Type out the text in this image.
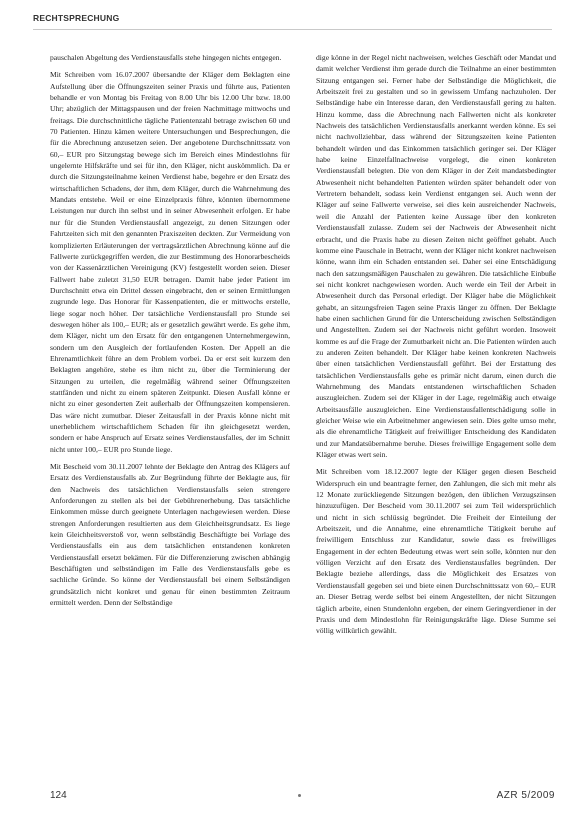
RECHTSPRECHUNG

pauschalen Abgeltung des Verdienstausfalls stehe hingegen nichts entgegen.

Mit Schreiben vom 16.07.2007 übersandte der Kläger dem Beklagten eine Aufstellung über die Öffnungszeiten seiner Praxis und führte aus, Patienten behandle er von Montag bis Freitag von 8.00 Uhr bis 12.00 Uhr bzw. 18.00 Uhr; abzüglich der Mittagspausen und der freien Nachmittage mittwochs und freitags. Die durchschnittliche tägliche Patientenzahl betrage zwischen 60 und 70 Patienten. Hinzu kämen weitere Untersuchungen und Besprechungen, die für die Abrechnung anzusetzen seien. Der angebotene Durchschnittssatz von 60,– EUR pro Sitzungstag bewege sich im Bereich eines Mindestlohns für ungelernte Hilfskräfte und sei für ihn, den Kläger, nicht auskömmlich. Da er durch die Sitzungsteilnahme keinen Verdienst habe, begehre er den Ersatz des wirtschaftlichen Schadens, der ihm, dem Kläger, durch die Wahrnehmung des Mandats entstehe. Weil er eine Einzelpraxis führe, könnten übernommene Leistungen nur durch ihn selbst und in seiner Abwesenheit erfolgen. Er habe nur für die Stunden Verdienstausfall angezeigt, zu denen Sitzungen oder Fahrtzeiten sich mit den genannten Praxiszeiten deckten. Zur Vermeidung von komplizierten Erläuterungen der vertragsärztlichen Abrechnung könne auf die Fallwerte zurückgegriffen werden, die zur Bestimmung des Honorarbescheids von der Kassenärztlichen Vereinigung (KV) festgestellt worden seien. Dieser Fallwert habe zuletzt 31,50 EUR betragen. Damit habe jeder Patient im Durchschnitt etwa ein Drittel dessen eingebracht, den er seinen Ermittlungen zugrunde lege. Das Honorar für Kassenpatienten, die er mittwochs erstelle, liege sogar noch höher. Der tatsächliche Verdienstausfall pro Stunde sei deswegen höher als 100,– EUR; als er gesetzlich gewährt werde. Es gehe ihm, dem Kläger, nicht um den Ersatz für den entgangenen Unternehmergewinn, sondern um den Ausgleich der fortlaufenden Kosten. Der Appell an die Ehrenamtlichkeit führe an dem Problem vorbei. Da er erst seit kurzem den Beklagten angehöre, stehe es ihm nicht zu, über die Terminierung der Sitzungen zu urteilen, die regelmäßig während seiner Öffnungszeiten stattfänden und nicht zu einem späteren Zeitpunkt. Diesen Ausfall könne er nicht zu einer gesonderten Zeit außerhalb der Öffnungszeiten kompensieren. Das wäre nicht zumutbar. Dieser Zeitausfall in der Praxis könne nicht mit unerheblichem wirtschaftlichem Schaden für ihn gleichgesetzt werden, sondern er habe Anspruch auf Ersatz seines Verdienstausfalles, der im Schnitt nicht unter 100,– EUR pro Stunde liege.

Mit Bescheid vom 30.11.2007 lehnte der Beklagte den Antrag des Klägers auf Ersatz des Verdienstausfalls ab. Zur Begründung führte der Beklagte aus, für den Nachweis des tatsächlichen Verdienstausfalls seien strengere Anforderungen zu stellen als bei der Gebührenerhebung. Das tatsächliche Einkommen müsse durch geeignete Unterlagen nachgewiesen werden. Diese strengen Anforderungen resultierten aus dem Gleichheitsgrundsatz. Es liege kein Gleichheitsverstoß vor, wenn selbständig Beschäftigte bei Vorlage des Verdienstausfalls ein aus dem tatsächlichen entstandenen konkreten Verdienstausfall ersetzt bekämen. Für die Differenzierung zwischen abhängig Beschäftigten und selbständigen im Falle des Verdienstausfalls gebe es sachliche Gründe. So könne der Verdienstausfall bei einem Selbständigen grundsätzlich nicht konkret und genau für einen bestimmten Zeitraum ermittelt werden. Denn der Selbständige

dige könne in der Regel nicht nachweisen, welches Geschäft oder Mandat und damit welcher Verdienst ihm gerade durch die Teilnahme an einer bestimmten Sitzung entgangen sei. Ferner habe der Selbständige die Möglichkeit, die Arbeitszeit frei zu gestalten und so in gewissem Umfang nachzuholen. Der Selbständige habe ein Interesse daran, den Verdienstausfall gering zu halten. Hinzu komme, dass die Abrechnung nach Fallwerten nicht als konkreter Nachweis des tatsächlichen Verdienstausfalls anerkannt werden könne. Es sei nicht nachvollziehbar, dass während der Sitzungszeiten keine Patienten behandelt würden und das Einkommen tatsächlich geringer sei. Der Kläger habe keine Einzelfallnachweise vorgelegt, die einen konkreten Verdienstausfall belegten. Die von dem Kläger in der Zeit mandatsbedingter Abwesenheit nicht behandelten Patienten würden später behandelt oder von Vertretern behandelt, sodass kein Verdienst entgangen sei. Auch wenn der Kläger auf seine Fallwerte verweise, sei dies kein ausreichender Nachweis, weil die Anzahl der Patienten keine Aussage über den konkreten Verdienstausfall zulasse. Zudem sei der Nachweis der Abwesenheit nicht erbracht, und die Praxis habe zu diesen Zeiten nicht geöffnet gehabt. Auch komme eine Pauschale in Betracht, wenn der Kläger nicht konkret nachweisen könne, wann ihm ein Schaden entstanden sei. Daher sei eine Entschädigung nach den satzungsmäßigen Pauschalen zu gewähren. Die tatsächliche Einbuße sei nicht konkret nachgewiesen worden. Auch werde ein Teil der Arbeit in Abwesenheit durch das Personal erledigt. Der Kläger habe die Möglichkeit gehabt, an sitzungsfreien Tagen seine Praxis länger zu öffnen. Der Beklagte habe einen sachlichen Grund für die Unterscheidung zwischen Selbständigen und Angestellten. Zudem sei der Nachweis nicht geführt worden. Insoweit komme es auf die Frage der Zumutbarkeit nicht an. Die Patienten würden auch zu anderen Zeiten behandelt. Der Kläger habe keinen konkreten Nachweis über einen tatsächlichen Verdienstausfall geführt. Bei der Erstattung des tatsächlichen Verdienstausfalls gehe es primär nicht darum, einen durch die Wahrnehmung des Mandats entstandenen wirtschaftlichen Schaden auszugleichen. Zudem sei der Kläger in der Lage, regelmäßig auch etwaige Arbeitsausfälle auszugleichen. Eine Verdienstausfallentschädigung solle in gleicher Weise wie ein Arbeitnehmer angewiesen sein. Dies gelte umso mehr, als die ehrenamtliche Tätigkeit auf freiwilliger Entscheidung des Kandidaten und zur Mandatsübernahme beruhe. Dieses freiwillige Engagement solle dem Kläger etwas wert sein.

Mit Schreiben vom 18.12.2007 legte der Kläger gegen diesen Bescheid Widerspruch ein und beantragte ferner, den Zahlungen, die sich mit mehr als 12 Monate zurückliegende Sitzungen bezögen, den üblichen Verzugszinsen hinzuzufügen. Der Bescheid vom 30.11.2007 sei zum Teil widersprüchlich und nicht in sich schlüssig begründet. Die Freiheit der Einteilung der Arbeitszeit, und die Annahme, eine ehrenamtliche Tätigkeit beruhe auf freiwilligem Entschluss zur Kandidatur, sowie dass es freiwilliges Engagement in der echten Bedeutung etwas wert sein solle, könnten nur den völligen Verzicht auf den Ersatz des Verdienstausfalles begründen. Der Beklagte beziehe allerdings, dass die Möglichkeit des Ersatzes von Verdienstausfall gegeben sei und biete einen Durchschnittssatz von 60,– EUR an. Dieser Betrag werde selbst bei einem Angestellten, der nicht Sitzungen täglich arbeite, einen Stundenlohn ergeben, der einem Geringverdiener in der Praxis und dem Mindestlohn für Reinigungskräfte läge. Diese Summe sei völlig willkürlich gewählt.

124	AZR 5/2009
